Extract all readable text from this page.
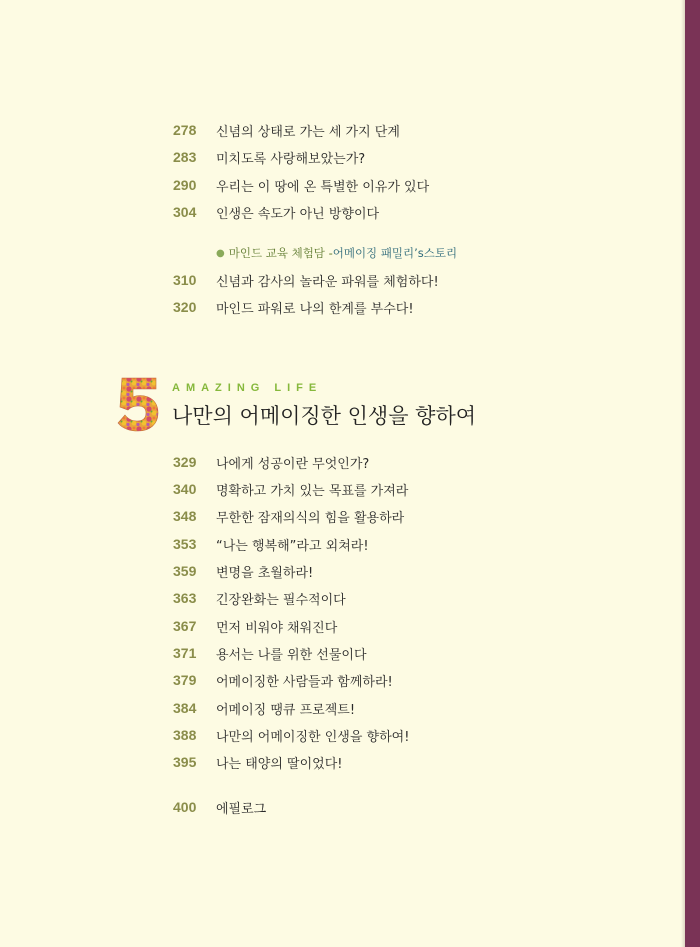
278	신념의 상태로 가는 세 가지 단계
283	미치도록 사랑해보았는가?
290	우리는 이 땅에 온 특별한 이유가 있다
304	인생은 속도가 아닌 방향이다
● 마인드 교육 체험담 - 어메이징 패밀리’s스토리
310	신념과 감사의 놀라운 파워를 체험하다!
320	마인드 파워로 나의 한계를 부수다!
AMAZING LIFE
나만의 어메이징한 인생을 향하여
329	나에게 성공이란 무엇인가?
340	명확하고 가치 있는 목표를 가져라
348	무한한 잠재의식의 힘을 활용하라
353	“나는 행복해”라고 외쳐라!
359	변명을 초월하라!
363	긴장완화는 필수적이다
367	먼저 비워야 채워진다
371	용서는 나를 위한 선물이다
379	어메이징한 사람들과 함께하라!
384	어메이징 땡큐 프로젝트!
388	나만의 어메이징한 인생을 향하여!
395	나는 태양의 딸이었다!
400	에필로그
